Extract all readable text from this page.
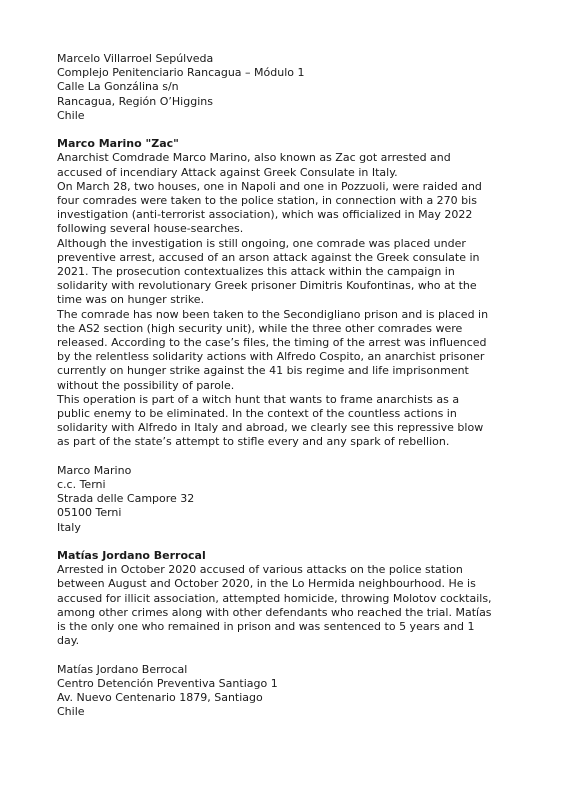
Marcelo Villarroel Sepúlveda
Complejo Penitenciario Rancagua – Módulo 1
Calle La Gonzálina s/n
Rancagua, Región O’Higgins
Chile
Marco Marino "Zac"
Anarchist Comdrade Marco Marino, also known as Zac got arrested and
accused of incendiary Attack against Greek Consulate in Italy.
On March 28, two houses, one in Napoli and one in Pozzuoli, were raided and
four comrades were taken to the police station, in connection with a 270 bis
investigation (anti-terrorist association), which was officialized in May 2022
following several house-searches.
Although the investigation is still ongoing, one comrade was placed under
preventive arrest, accused of an arson attack against the Greek consulate in
2021. The prosecution contextualizes this attack within the campaign in
solidarity with revolutionary Greek prisoner Dimitris Koufontinas, who at the
time was on hunger strike.
The comrade has now been taken to the Secondigliano prison and is placed in
the AS2 section (high security unit), while the three other comrades were
released. According to the case’s files, the timing of the arrest was influenced
by the relentless solidarity actions with Alfredo Cospito, an anarchist prisoner
currently on hunger strike against the 41 bis regime and life imprisonment
without the possibility of parole.
This operation is part of a witch hunt that wants to frame anarchists as a
public enemy to be eliminated. In the context of the countless actions in
solidarity with Alfredo in Italy and abroad, we clearly see this repressive blow
as part of the state’s attempt to stifle every and any spark of rebellion.
Marco Marino
c.c. Terni
Strada delle Campore 32
05100 Terni
Italy
Matías Jordano Berrocal
Arrested in October 2020 accused of various attacks on the police station
between August and October 2020, in the Lo Hermida neighbourhood. He is
accused for illicit association, attempted homicide, throwing Molotov cocktails,
among other crimes along with other defendants who reached the trial. Matías
is the only one who remained in prison and was sentenced to 5 years and 1
day.
Matías Jordano Berrocal
Centro Detención Preventiva Santiago 1
Av. Nuevo Centenario 1879, Santiago
Chile
